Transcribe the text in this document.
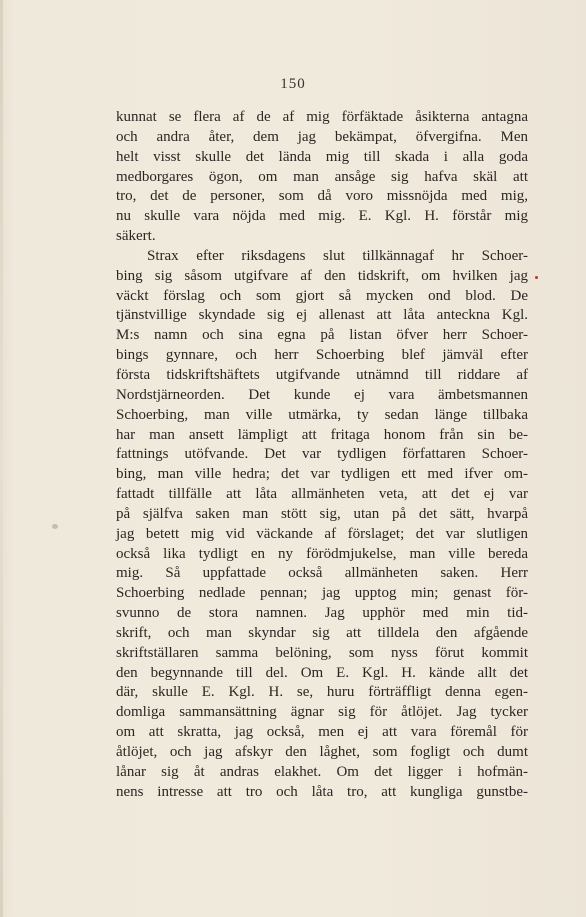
150
kunnat se flera af de af mig förfäktade åsikterna antagna
och andra åter, dem jag bekämpat, öfvergifna. Men
helt visst skulle det lända mig till skada i alla goda
medborgares ögon, om man ansåge sig hafva skäl att
tro, det de personer, som då voro missnöjda med mig,
nu skulle vara nöjda med mig. E. Kgl. H. förstår mig
säkert.
Strax efter riksdagens slut tillkännagaf hr Schoer-
bing sig såsom utgifvare af den tidskrift, om hvilken jag
väckt förslag och som gjort så mycken ond blod. De
tjänstvillige skyndade sig ej allenast att låta anteckna Kgl.
M:s namn och sina egna på listan öfver herr Schoer-
bings gynnare, och herr Schoerbing blef jämväl efter
första tidskriftshäftets utgifvande utnämnd till riddare af
Nordstjärneorden. Det kunde ej vara ämbetsmannen
Schoerbing, man ville utmärka, ty sedan länge tillbaka
har man ansett lämpligt att fritaga honom från sin be-
fattnings utöfvande. Det var tydligen författaren Schoer-
bing, man ville hedra; det var tydligen ett med ifver om-
fattadt tillfälle att låta allmänheten veta, att det ej var
på själfva saken man stött sig, utan på det sätt, hvarpå
jag betett mig vid väckande af förslaget; det var slutligen
också lika tydligt en ny förödmjukelse, man ville bereda
mig. Så uppfattade också allmänheten saken. Herr
Schoerbing nedlade pennan; jag upptog min; genast för-
svunno de stora namnen. Jag upphör med min tid-
skrift, och man skyndar sig att tilldela den afgående
skriftställaren samma belöning, som nyss förut kommit
den begynnande till del. Om E. Kgl. H. kände allt det
där, skulle E. Kgl. H. se, huru förträffligt denna egen-
domliga sammansättning ägnar sig för åtlöjet. Jag tycker
om att skratta, jag också, men ej att vara föremål för
åtlöjet, och jag afskyr den låghet, som fogligt och dumt
lånar sig åt andras elakhet. Om det ligger i hofmän-
nens intresse att tro och låta tro, att kungliga gunstbe-
